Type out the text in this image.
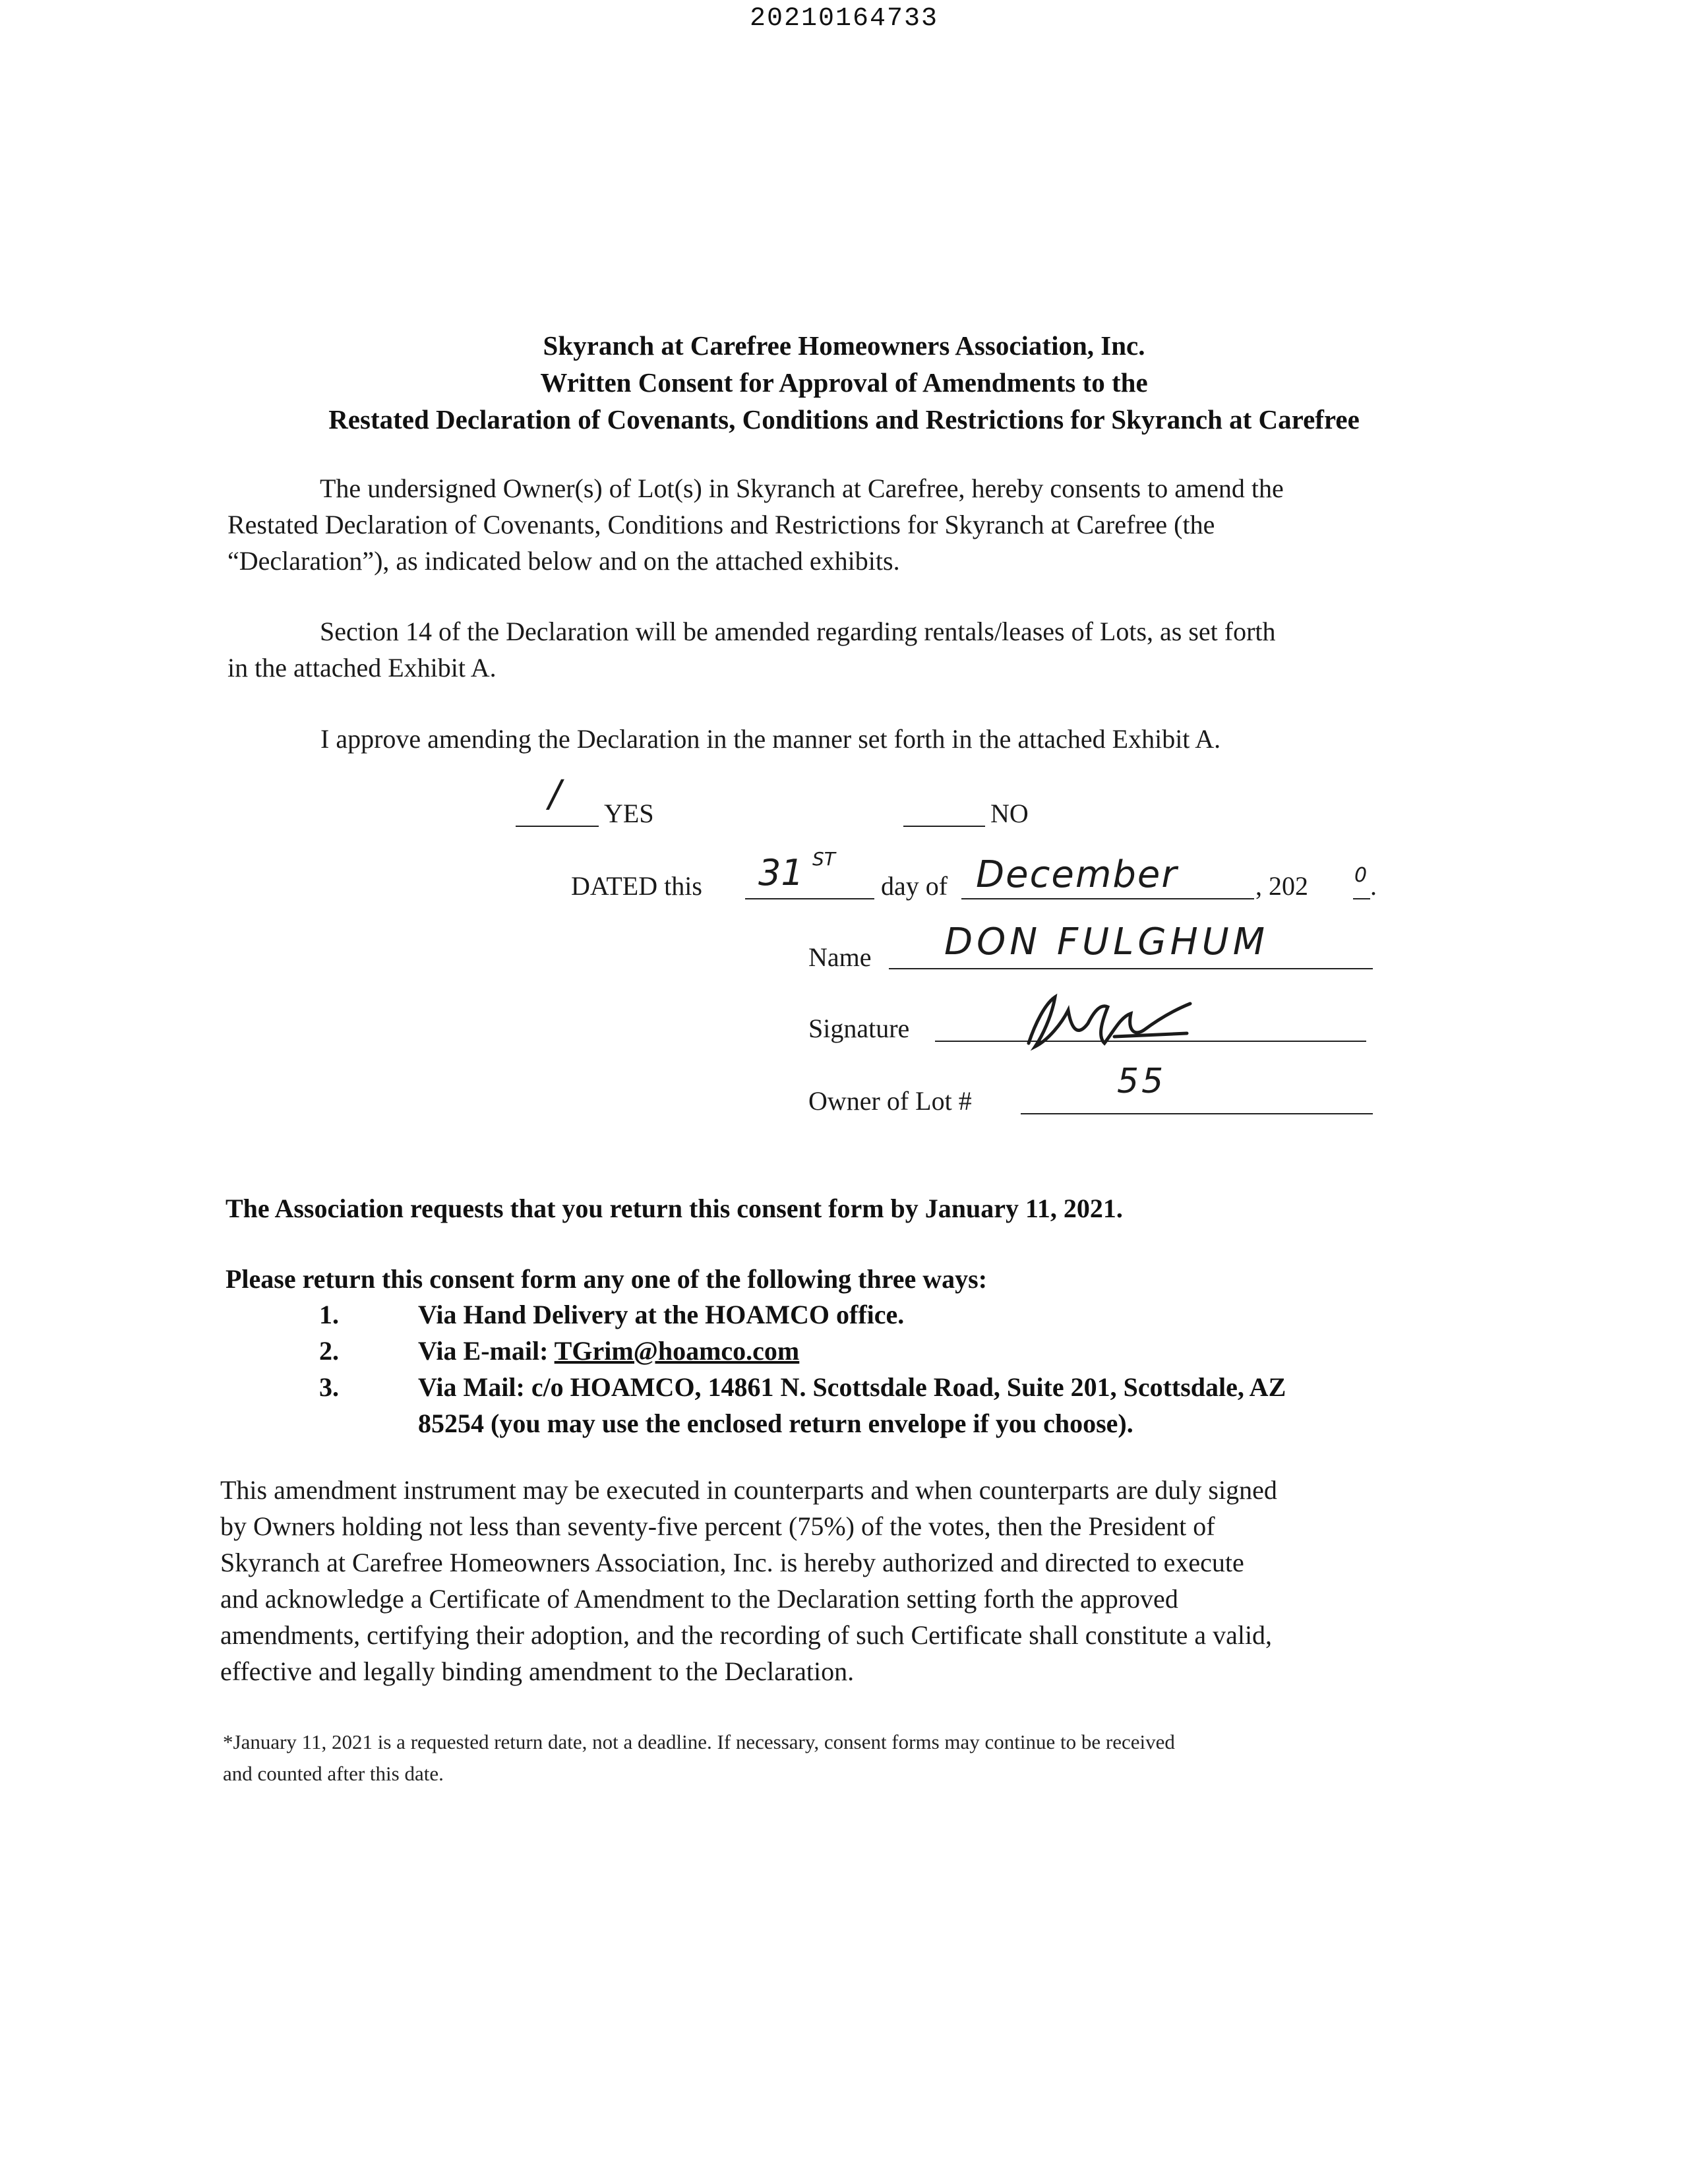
20210164733
Skyranch at Carefree Homeowners Association, Inc.
Written Consent for Approval of Amendments to the
Restated Declaration of Covenants, Conditions and Restrictions for Skyranch at Carefree
The undersigned Owner(s) of Lot(s) in Skyranch at Carefree, hereby consents to amend the
Restated Declaration of Covenants, Conditions and Restrictions for Skyranch at Carefree (the
“Declaration”), as indicated below and on the attached exhibits.
Section 14 of the Declaration will be amended regarding rentals/leases of Lots, as set forth
in the attached Exhibit A.
I approve amending the Declaration in the manner set forth in the attached Exhibit A.
/ YES	NO
DATED this 31 ST
day of December	, 202 0 .
Name DON FULGHUM
Signature
Owner of Lot #	55
The Association requests that you return this consent form by January 11, 2021.
Please return this consent form any one of the following three ways:
1.	Via Hand Delivery at the HOAMCO office.
2.	Via E-mail: TGrim@hoamco.com
3.	Via Mail: c/o HOAMCO, 14861 N. Scottsdale Road, Suite 201, Scottsdale, AZ
85254 (you may use the enclosed return envelope if you choose).
This amendment instrument may be executed in counterparts and when counterparts are duly signed
by Owners holding not less than seventy-five percent (75%) of the votes, then the President of
Skyranch at Carefree Homeowners Association, Inc. is hereby authorized and directed to execute
and acknowledge a Certificate of Amendment to the Declaration setting forth the approved
amendments, certifying their adoption, and the recording of such Certificate shall constitute a valid,
effective and legally binding amendment to the Declaration.
*January 11, 2021 is a requested return date, not a deadline. If necessary, consent forms may continue to be received
and counted after this date.
